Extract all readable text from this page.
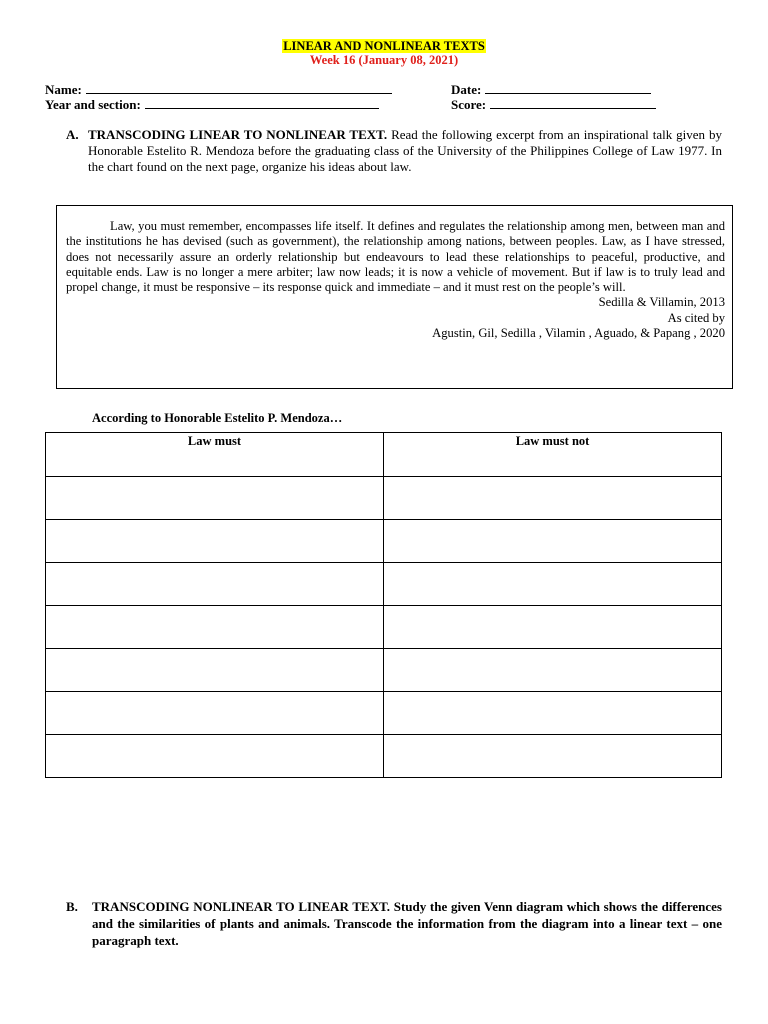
LINEAR AND NONLINEAR TEXTS
Week 16 (January 08, 2021)
Name:	Date:
Year and section:	Score:
A. TRANSCODING LINEAR TO NONLINEAR TEXT. Read the following excerpt from an inspirational talk given by Honorable Estelito R. Mendoza before the graduating class of the University of the Philippines College of Law 1977. In the chart found on the next page, organize his ideas about law.

Law, you must remember, encompasses life itself. It defines and regulates the relationship among men, between man and the institutions he has devised (such as government), the relationship among nations, between peoples. Law, as I have stressed, does not necessarily assure an orderly relationship but endeavours to lead these relationships to peaceful, productive, and equitable ends. Law is no longer a mere arbiter; law now leads; it is now a vehicle of movement. But if law is to truly lead and propel change, it must be responsive – its response quick and immediate – and it must rest on the people’s will.

Sedilla & Villamin, 2013
As cited by
Agustin, Gil, Sedilla , Vilamin , Aguado, & Papang , 2020
According to Honorable Estelito P. Mendoza…
Law must	Law must not

B. TRANSCODING NONLINEAR TO LINEAR TEXT. Study the given Venn diagram which shows the differences and the similarities of plants and animals. Transcode the information from the diagram into a linear text – one paragraph text.
